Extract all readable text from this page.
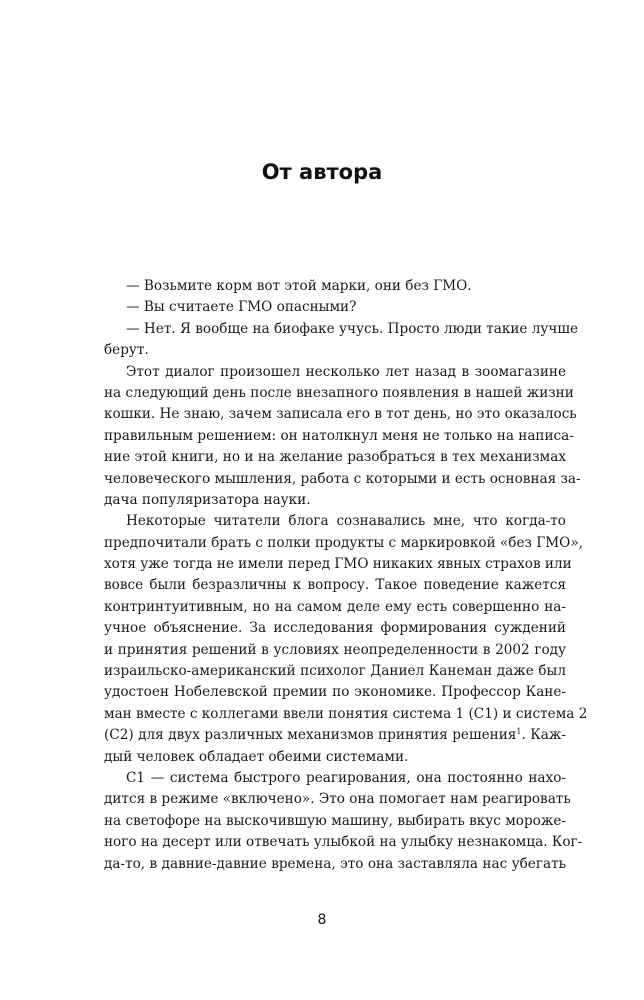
От автора
— Возьмите корм вот этой марки, они без ГМО.
— Вы считаете ГМО опасными?
— Нет. Я вообще на биофаке учусь. Просто люди такие лучше
берут.
Этот диалог произошел несколько лет назад в зоомагазине
на следующий день после внезапного появления в нашей жизни
кошки. Не знаю, зачем записала его в тот день, но это оказалось
правильным решением: он натолкнул меня не только на написа-
ние этой книги, но и на желание разобраться в тех механизмах
человеческого мышления, работа с которыми и есть основная за-
дача популяризатора науки.
Некоторые читатели блога сознавались мне, что когда-то
предпочитали брать с полки продукты с маркировкой «без ГМО»,
хотя уже тогда не имели перед ГМО никаких явных страхов или
вовсе были безразличны к вопросу. Такое поведение кажется
контринтуитивным, но на самом деле ему есть совершенно на-
учное объяснение. За исследования формирования суждений
и принятия решений в условиях неопределенности в 2002 году
израильско-американский психолог Даниел Канеман даже был
удостоен Нобелевской премии по экономике. Профессор Кане-
ман вместе с коллегами ввели понятия система 1 (С1) и система 2
(С2) для двух различных механизмов принятия решения$^1$. Каж-
дый человек обладает обеими системами.
С1 — система быстрого реагирования, она постоянно нахо-
дится в режиме «включено». Это она помогает нам реагировать
на светофоре на выскочившую машину, выбирать вкус мороже-
ного на десерт или отвечать улыбкой на улыбку незнакомца. Ког-
да-то, в давние-давние времена, это она заставляла нас убегать
8
